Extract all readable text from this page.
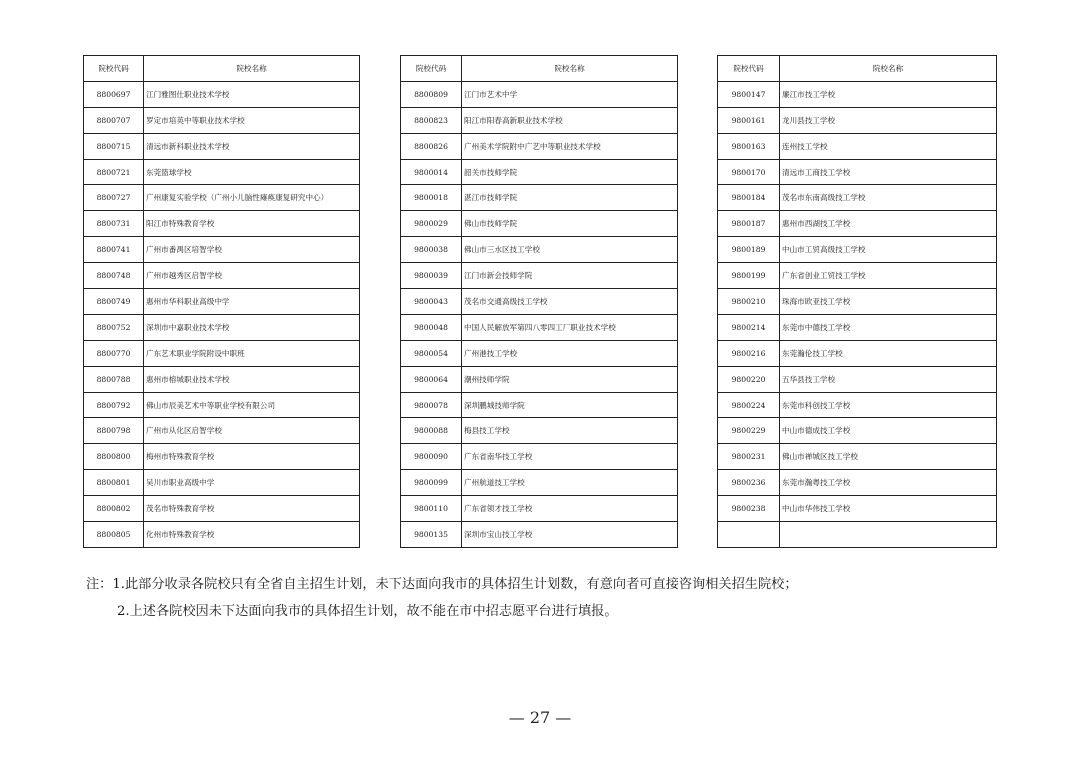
院校代码	院校名称
8800697	江门雅图仕职业技术学校
8800707	罗定市培英中等职业技术学校
8800715	清远市新科职业技术学校
8800721	东莞篮球学校
8800727	广州康复实验学校（广州小儿脑性瘫痪康复研究中心）
8800731	阳江市特殊教育学校
8800741	广州市番禺区培智学校
8800748	广州市越秀区启智学校
8800749	惠州市华科职业高级中学
8800752	深圳市中嘉职业技术学校
8800770	广东艺术职业学院附设中职班
8800788	惠州市榕城职业技术学校
8800792	佛山市辰美艺术中等职业学校有限公司
8800798	广州市从化区启智学校
8800800	梅州市特殊教育学校
8800801	吴川市职业高级中学
8800802	茂名市特殊教育学校
8800805	化州市特殊教育学校
院校代码	院校名称
8800809	江门市艺术中学
8800823	阳江市阳春高新职业技术学校
8800826	广州美术学院附中广艺中等职业技术学校
9800014	韶关市技师学院
9800018	湛江市技师学院
9800029	佛山市技师学院
9800038	佛山市三水区技工学校
9800039	江门市新会技师学院
9800043	茂名市交通高级技工学校
9800048	中国人民解放军第四八零四工厂职业技术学校
9800054	广州港技工学校
9800064	潮州技师学院
9800078	深圳鹏城技师学院
9800088	梅县技工学校
9800090	广东省南华技工学校
9800099	广州航道技工学校
9800110	广东省领才技工学校
9800135	深圳市宝山技工学校
院校代码	院校名称
9800147	廉江市技工学校
9800161	龙川县技工学校
9800163	连州技工学校
9800170	清远市工商技工学校
9800184	茂名市东南高级技工学校
9800187	惠州市西湖技工学校
9800189	中山市工贸高级技工学校
9800199	广东省创业工贸技工学校
9800210	珠海市欧亚技工学校
9800214	东莞市中德技工学校
9800216	东莞瀚伦技工学校
9800220	五华县技工学校
9800224	东莞市科创技工学校
9800229	中山市德成技工学校
9800231	佛山市禅城区技工学校
9800236	东莞市瀚粤技工学校
9800238	中山市华伟技工学校

注：1.此部分收录各院校只有全省自主招生计划，未下达面向我市的具体招生计划数，有意向者可直接咨询相关招生院校；
2.上述各院校因未下达面向我市的具体招生计划，故不能在市中招志愿平台进行填报。
— 27 —
